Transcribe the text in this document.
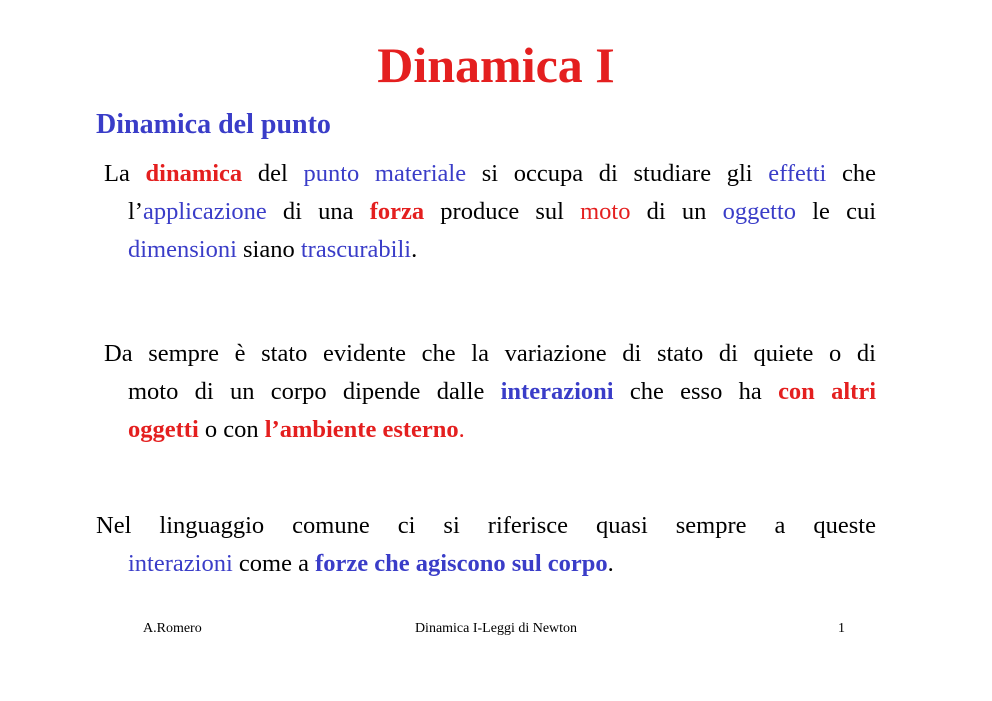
Dinamica I
Dinamica del punto
La dinamica del punto materiale si occupa di studiare gli effetti che
l’applicazione di una forza produce sul moto di un oggetto le cui
dimensioni siano trascurabili.
Da sempre è stato evidente che la variazione di stato di quiete o di
moto di un corpo dipende dalle interazioni che esso ha con altri
oggetti o con l’ambiente esterno.
Nel linguaggio comune ci si riferisce quasi sempre a queste
interazioni come a forze che agiscono sul corpo.
A.Romero	Dinamica I-Leggi di Newton	1
